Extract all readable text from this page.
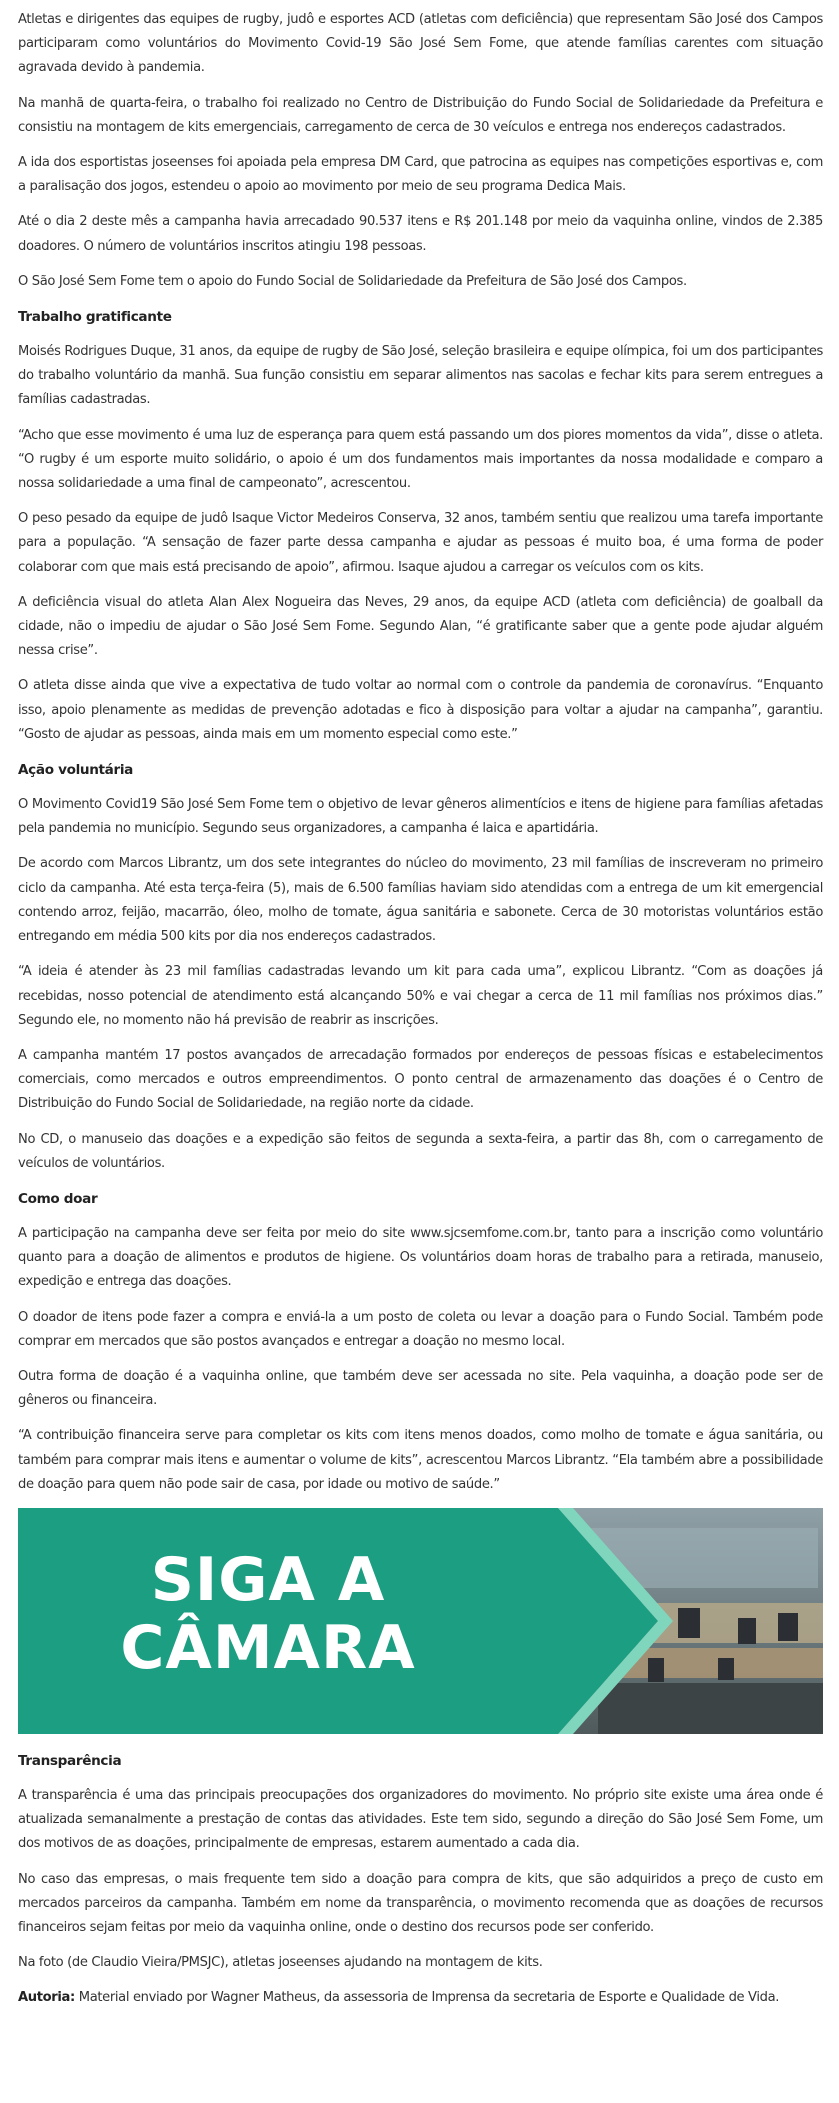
Atletas e dirigentes das equipes de rugby, judô e esportes ACD (atletas com deficiência) que representam São José dos Campos participaram como voluntários do Movimento Covid-19 São José Sem Fome, que atende famílias carentes com situação agravada devido à pandemia.

Na manhã de quarta-feira, o trabalho foi realizado no Centro de Distribuição do Fundo Social de Solidariedade da Prefeitura e consistiu na montagem de kits emergenciais, carregamento de cerca de 30 veículos e entrega nos endereços cadastrados.

A ida dos esportistas joseenses foi apoiada pela empresa DM Card, que patrocina as equipes nas competições esportivas e, com a paralisação dos jogos, estendeu o apoio ao movimento por meio de seu programa Dedica Mais.

Até o dia 2 deste mês a campanha havia arrecadado 90.537 itens e R$ 201.148 por meio da vaquinha online, vindos de 2.385 doadores. O número de voluntários inscritos atingiu 198 pessoas.

O São José Sem Fome tem o apoio do Fundo Social de Solidariedade da Prefeitura de São José dos Campos.

Trabalho gratificante

Moisés Rodrigues Duque, 31 anos, da equipe de rugby de São José, seleção brasileira e equipe olímpica, foi um dos participantes do trabalho voluntário da manhã. Sua função consistiu em separar alimentos nas sacolas e fechar kits para serem entregues a famílias cadastradas.

“Acho que esse movimento é uma luz de esperança para quem está passando um dos piores momentos da vida”, disse o atleta. “O rugby é um esporte muito solidário, o apoio é um dos fundamentos mais importantes da nossa modalidade e comparo a nossa solidariedade a uma final de campeonato”, acrescentou.

O peso pesado da equipe de judô Isaque Victor Medeiros Conserva, 32 anos, também sentiu que realizou uma tarefa importante para a população. “A sensação de fazer parte dessa campanha e ajudar as pessoas é muito boa, é uma forma de poder colaborar com que mais está precisando de apoio”, afirmou. Isaque ajudou a carregar os veículos com os kits.

A deficiência visual do atleta Alan Alex Nogueira das Neves, 29 anos, da equipe ACD (atleta com deficiência) de goalball da cidade, não o impediu de ajudar o São José Sem Fome. Segundo Alan, “é gratificante saber que a gente pode ajudar alguém nessa crise”.

O atleta disse ainda que vive a expectativa de tudo voltar ao normal com o controle da pandemia de coronavírus. “Enquanto isso, apoio plenamente as medidas de prevenção adotadas e fico à disposição para voltar a ajudar na campanha”, garantiu. “Gosto de ajudar as pessoas, ainda mais em um momento especial como este.”

Ação voluntária

O Movimento Covid19 São José Sem Fome tem o objetivo de levar gêneros alimentícios e itens de higiene para famílias afetadas pela pandemia no município. Segundo seus organizadores, a campanha é laica e apartidária.

De acordo com Marcos Librantz, um dos sete integrantes do núcleo do movimento, 23 mil famílias de inscreveram no primeiro ciclo da campanha. Até esta terça-feira (5), mais de 6.500 famílias haviam sido atendidas com a entrega de um kit emergencial contendo arroz, feijão, macarrão, óleo, molho de tomate, água sanitária e sabonete. Cerca de 30 motoristas voluntários estão entregando em média 500 kits por dia nos endereços cadastrados.

“A ideia é atender às 23 mil famílias cadastradas levando um kit para cada uma”, explicou Librantz. “Com as doações já recebidas, nosso potencial de atendimento está alcançando 50% e vai chegar a cerca de 11 mil famílias nos próximos dias.” Segundo ele, no momento não há previsão de reabrir as inscrições.

A campanha mantém 17 postos avançados de arrecadação formados por endereços de pessoas físicas e estabelecimentos comerciais, como mercados e outros empreendimentos. O ponto central de armazenamento das doações é o Centro de Distribuição do Fundo Social de Solidariedade, na região norte da cidade.

No CD, o manuseio das doações e a expedição são feitos de segunda a sexta-feira, a partir das 8h, com o carregamento de veículos de voluntários.

Como doar

A participação na campanha deve ser feita por meio do site www.sjcsemfome.com.br, tanto para a inscrição como voluntário quanto para a doação de alimentos e produtos de higiene. Os voluntários doam horas de trabalho para a retirada, manuseio, expedição e entrega das doações.

O doador de itens pode fazer a compra e enviá-la a um posto de coleta ou levar a doação para o Fundo Social. Também pode comprar em mercados que são postos avançados e entregar a doação no mesmo local.

Outra forma de doação é a vaquinha online, que também deve ser acessada no site. Pela vaquinha, a doação pode ser de gêneros ou financeira.

“A contribuição financeira serve para completar os kits com itens menos doados, como molho de tomate e água sanitária, ou também para comprar mais itens e aumentar o volume de kits”, acrescentou Marcos Librantz. “Ela também abre a possibilidade de doação para quem não pode sair de casa, por idade ou motivo de saúde.”

SIGA A
CÂMARA
Transparência

A transparência é uma das principais preocupações dos organizadores do movimento. No próprio site existe uma área onde é atualizada semanalmente a prestação de contas das atividades. Este tem sido, segundo a direção do São José Sem Fome, um dos motivos de as doações, principalmente de empresas, estarem aumentado a cada dia.

No caso das empresas, o mais frequente tem sido a doação para compra de kits, que são adquiridos a preço de custo em mercados parceiros da campanha. Também em nome da transparência, o movimento recomenda que as doações de recursos financeiros sejam feitas por meio da vaquinha online, onde o destino dos recursos pode ser conferido.

Na foto (de Claudio Vieira/PMSJC), atletas joseenses ajudando na montagem de kits.

Autoria: Material enviado por Wagner Matheus, da assessoria de Imprensa da secretaria de Esporte e Qualidade de Vida.
